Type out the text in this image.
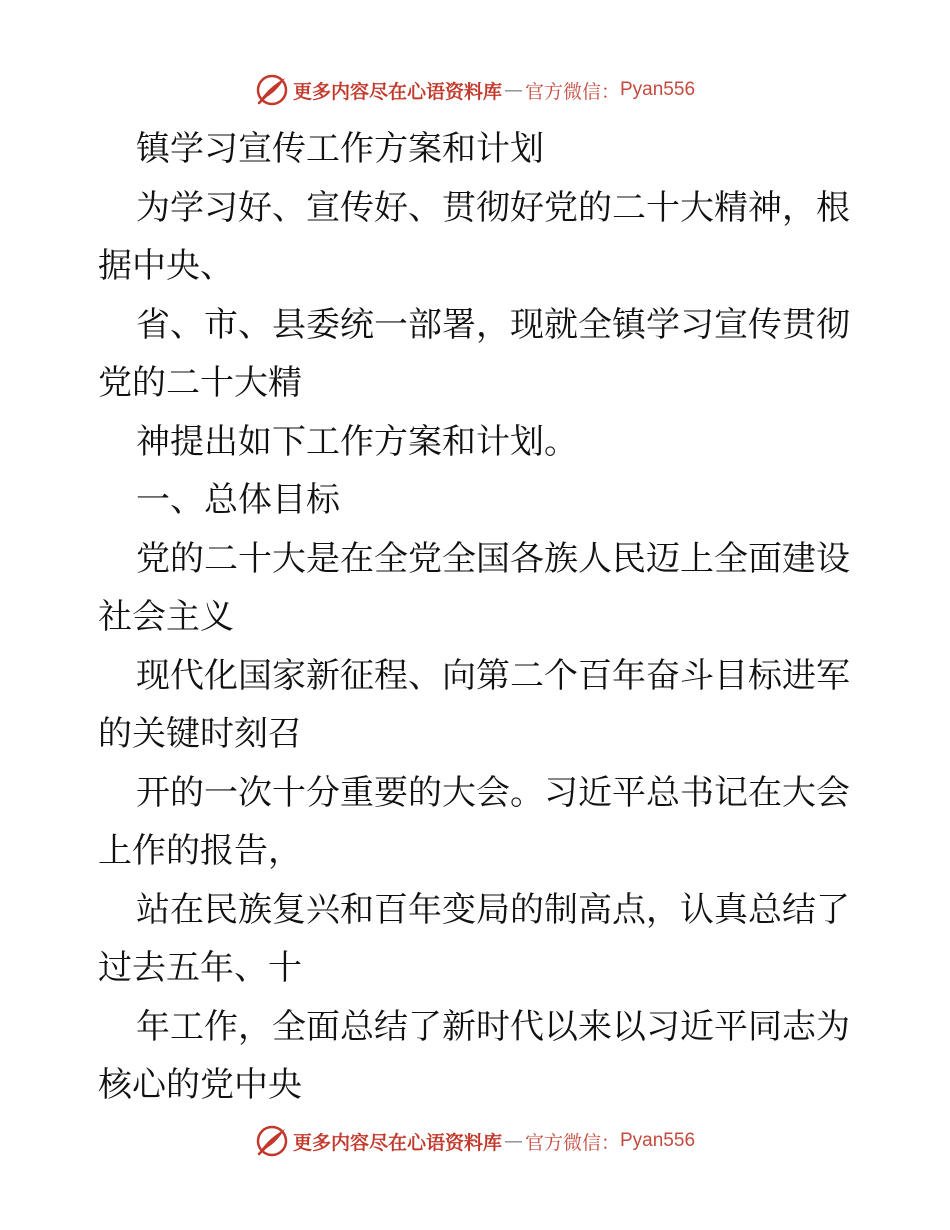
更多内容尽在心语资料库 — 官方微信： Pyan556
镇学习宣传工作方案和计划
为学习好、宣传好、贯彻好党的二十大精神，根
据中央、
省、市、县委统一部署，现就全镇学习宣传贯彻
党的二十大精
神提出如下工作方案和计划。
一、总体目标
党的二十大是在全党全国各族人民迈上全面建设
社会主义
现代化国家新征程、向第二个百年奋斗目标进军
的关键时刻召
开的一次十分重要的大会。习近平总书记在大会
上作的报告，
站在民族复兴和百年变局的制高点，认真总结了
过去五年、十
年工作，全面总结了新时代以来以习近平同志为
核心的党中央
更多内容尽在心语资料库 — 官方微信： Pyan556
